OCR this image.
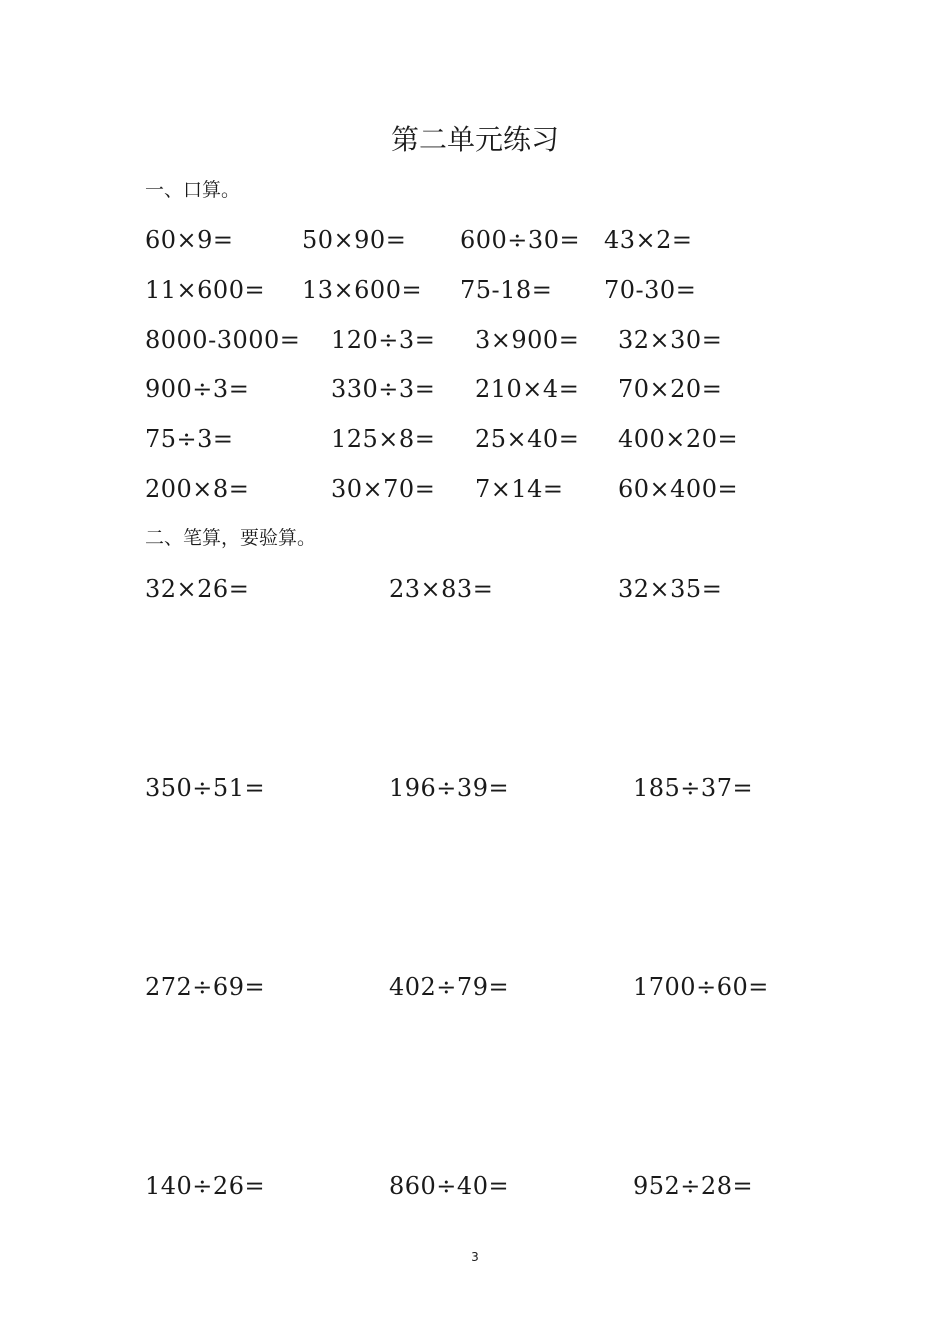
第二单元练习
一、口算。
60×9=	50×90= 600÷30= 43×2=
11×600= 13×600= 75-18= 70-30=
8000-3000= 120÷3= 3×900= 32×30=
900÷3=	330÷3= 210×4= 70×20=
75÷3=	125×8= 25×40= 400×20=
200×8=	30×70= 7×14= 60×400=
二、笔算，要验算。
32×26=	23×83=	32×35=
350÷51=	196÷39=	185÷37=
272÷69=	402÷79=	1700÷60=
140÷26=	860÷40=	952÷28=
3
